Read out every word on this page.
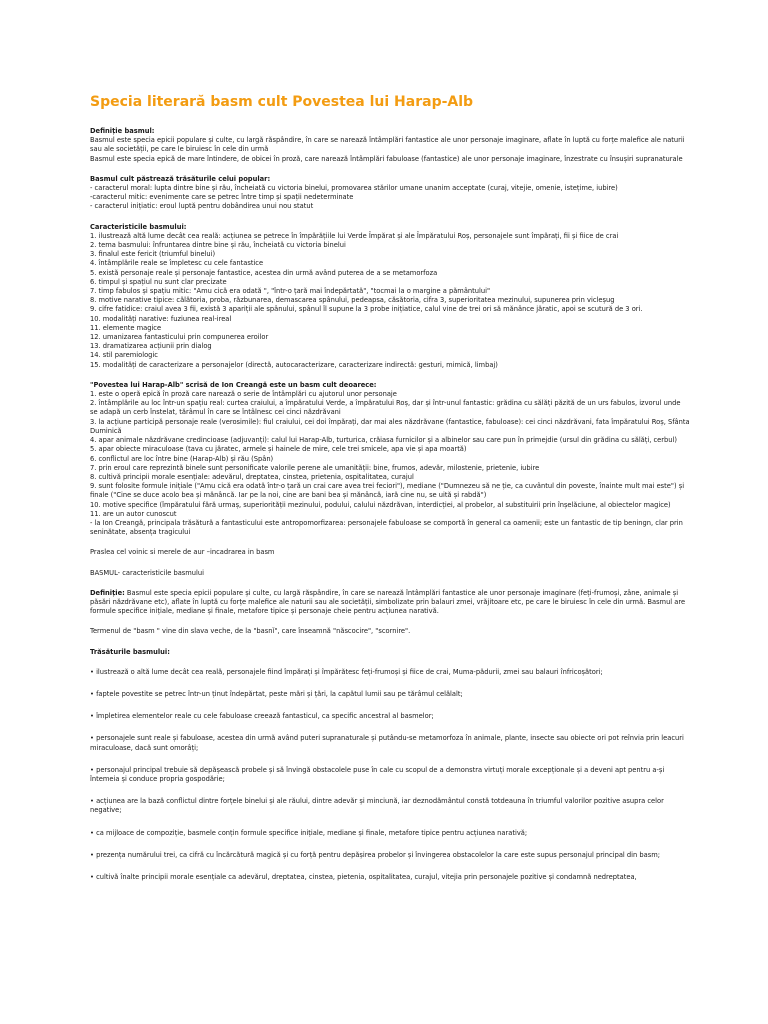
Specia literară basm cult Povestea lui Harap-Alb

Definiție basmul:

Basmul este specia epicii populare și culte, cu largă răspândire, în care se narează întâmplări fantastice ale unor personaje imaginare, aflate în luptă cu forțe malefice ale naturii sau ale societății, pe care le biruiesc în cele din urmă

Basmul este specia epică de mare întindere, de obicei în proză, care narează întâmplări fabuloase (fantastice) ale unor personaje imaginare, înzestrate cu însușiri supranaturale

Basmul cult păstrează trăsăturile celui popular:

- caracterul moral: lupta dintre bine și rău, încheiată cu victoria binelui, promovarea stărilor umane unanim acceptate (curaj, vitejie, omenie, istețime, iubire)

-caracterul mitic: evenimente care se petrec între timp și spații nedeterminate

- caracterul inițiatic: eroul luptă pentru dobândirea unui nou statut

Caracteristicile basmului:

1. ilustrează altă lume decât cea reală: acțiunea se petrece în împărățiile lui Verde Împărat și ale Împăratului Roș, personajele sunt împărați, fii și fiice de crai

2. tema basmului: înfruntarea dintre bine și rău, încheiată cu victoria binelui

3. finalul este fericit (triumful binelui)

4. întâmplările reale se împletesc cu cele fantastice

5. există personaje reale și personaje fantastice, acestea din urmă având puterea de a se metamorfoza

6. timpul și spațiul nu sunt clar precizate

7. timp fabulos și spațiu mitic: "Amu cică era odată ", "într-o țară mai îndepărtată", "tocmai la o margine a pământului"

8. motive narative tipice: călătoria, proba, răzbunarea, demascarea spânului, pedeapsa, căsătoria, cifra 3, superioritatea mezinului, supunerea prin vicleșug

9. cifre fatidice: craiul avea 3 fii, există 3 apariții ale spânului, spânul îl supune la 3 probe inițiatice, calul vine de trei ori să mănânce jăratic, apoi se scutură de 3 ori.

10. modalități narative: fuziunea real-ireal

11. elemente magice

12. umanizarea fantasticului prin compunerea eroilor

13. dramatizarea acțiunii prin dialog

14. stil paremiologic

15. modalități de caracterizare a personajelor (directă, autocaracterizare, caracterizare indirectă: gesturi, mimică, limbaj)

"Povestea lui Harap-Alb" scrisă de Ion Creangă este un basm cult deoarece:

1. este o operă epică în proză care narează o serie de întâmplări cu ajutorul unor personaje

2. întâmplările au loc într-un spațiu real: curtea craiului, a împăratului Verde, a împăratului Roș, dar și într-unul fantastic: grădina cu sălăți păzită de un urs fabulos, izvorul unde se adapă un cerb înstelat, tărâmul în care se întâlnesc cei cinci năzdrăvani

3. la acțiune participă personaje reale (verosimile): fiul craiului, cei doi împărați, dar mai ales năzdrăvane (fantastice, fabuloase): cei cinci năzdrăvani, fata împăratului Roș, Sfânta Duminică

4. apar animale năzdrăvane credincioase (adjuvanți): calul lui Harap-Alb, turturica, crăiasa furnicilor și a albinelor sau care pun în primejdie (ursul din grădina cu sălăți, cerbul)

5. apar obiecte miraculoase (tava cu jăratec, armele și hainele de mire, cele trei smicele, apa vie și apa moartă)

6. conflictul are loc între bine (Harap-Alb) și rău (Spân)

7. prin eroul care reprezintă binele sunt personificate valorile perene ale umanității: bine, frumos, adevăr, milostenie, prietenie, iubire

8. cultivă principii morale esențiale: adevărul, dreptatea, cinstea, prietenia, ospitalitatea, curajul

9. sunt folosite formule inițiale ("Amu cică era odată într-o țară un crai care avea trei feciori"), mediane ("Dumnezeu să ne ție, ca cuvântul din poveste, înainte mult mai este") și finale ("Cine se duce acolo bea și mănâncă. Iar pe la noi, cine are bani bea și mănâncă, iară cine nu, se uită și rabdă")

10. motive specifice (împăratului fără urmaș, superiorității mezinului, podului, calului năzdrăvan, interdicției, al probelor, al substituirii prin înșelăciune, al obiectelor magice)

11. are un autor cunoscut

- la Ion Creangă, principala trăsătură a fantasticului este antropomorfizarea: personajele fabuloase se comportă în general ca oamenii; este un fantastic de tip beningn, clar prin seninătate, absența tragicului

Praslea cel voinic si merele de aur –incadrarea in basm

BASMUL- caracteristicile basmului

Definiție: Basmul este specia epicii populare și culte, cu largă răspândire, în care se narează întâmplări fantastice ale unor personaje imaginare (feți-frumoși, zâne, animale și păsări năzdrăvane etc), aflate în luptă cu forțe malefice ale naturii sau ale societății, simbolizate prin balauri zmei, vrăjitoare etc, pe care le biruiesc în cele din urmă. Basmul are formule specifice inițiale, mediane și finale, metafore tipice și personaje cheie pentru acțiunea narativă.

Termenul de "basm " vine din slava veche, de la "basnǐ", care înseamnă "născocire", "scornire".

Trăsăturile basmului:

• ilustrează o altă lume decât cea reală, personajele fiind împărați și împărătesc feți-frumoși și fiice de crai, Muma-pădurii, zmei sau balauri înfricoșători;

• faptele povestite se petrec într-un ținut îndepărtat, peste mări și țări, la capătul lumii sau pe tărâmul celălalt;

• împletirea elementelor reale cu cele fabuloase creează fantasticul, ca specific ancestral al basmelor;

• personajele sunt reale și fabuloase, acestea din urmă având puteri supranaturale și putându-se metamorfoza în animale, plante, insecte sau obiecte ori pot reînvia prin leacuri miraculoase, dacă sunt omorâți;

• personajul principal trebuie să depășească probele și să învingă obstacolele puse în cale cu scopul de a demonstra virtuți morale excepționale și a deveni apt pentru a-și întemeia și conduce propria gospodărie;

• acțiunea are la bază conflictul dintre forțele binelui și ale răului, dintre adevăr și minciună, iar deznodământul constă totdeauna în triumful valorilor pozitive asupra celor negative;

• ca mijloace de compoziție, basmele conțin formule specifice inițiale, mediane și finale, metafore tipice pentru acțiunea narativă;

• prezența numărului trei, ca cifră cu încărcătură magică și cu forță pentru depășirea probelor și învingerea obstacolelor la care este supus personajul principal din basm;

• cultivă înalte principii morale esențiale ca adevărul, dreptatea, cinstea, pietenia, ospitalitatea, curajul, vitejia prin personajele pozitive și condamnă nedreptatea,
